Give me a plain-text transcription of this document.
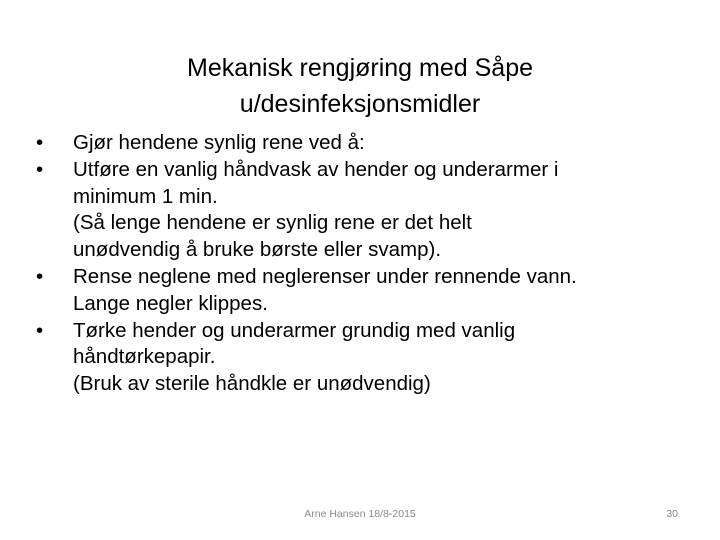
Mekanisk rengjøring med Såpe
u/desinfeksjonsmidler
•	Gjør hendene synlig rene ved å:
•	Utføre en vanlig håndvask av hender og underarmer i
minimum 1 min.
(Så lenge hendene er synlig rene er det helt
unødvendig å bruke børste eller svamp).
•	Rense neglene med neglerenser under rennende vann.
Lange negler klippes.
•	Tørke hender og underarmer grundig med vanlig
håndtørkepapir.
(Bruk av sterile håndkle er unødvendig)
Arne Hansen 18/8-2015	30
